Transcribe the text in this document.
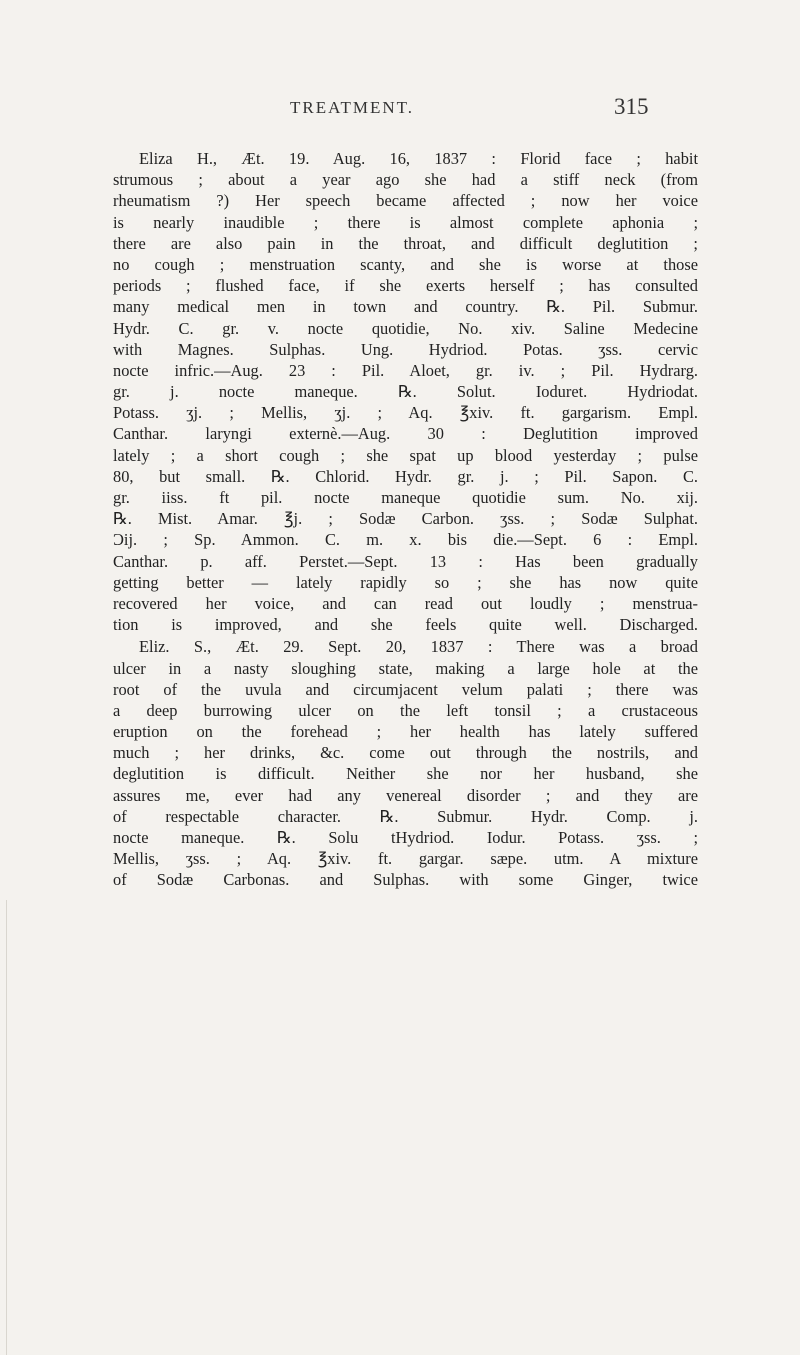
TREATMENT.	315

Eliza H., Æt. 19. Aug. 16, 1837 : Florid face ; habit
strumous ; about a year ago she had a stiff neck (from
rheumatism ?) Her speech became affected ; now her voice
is nearly inaudible ; there is almost complete aphonia ;
there are also pain in the throat, and difficult deglutition ;
no cough ; menstruation scanty, and she is worse at those
periods ; flushed face, if she exerts herself ; has consulted
many medical men in town and country. ℞. Pil. Submur.
Hydr. C. gr. v. nocte quotidie, No. xiv. Saline Medecine
with Magnes. Sulphas. Ung. Hydriod. Potas. ʒss. cervic
nocte infric.—Aug. 23 : Pil. Aloet, gr. iv. ; Pil. Hydrarg.
gr. j. nocte maneque. ℞. Solut. Ioduret. Hydriodat.
Potass. ʒj. ; Mellis, ʒj. ; Aq. ℥xiv. ft. gargarism. Empl.
Canthar. laryngi externè.—Aug. 30 : Deglutition improved
lately ; a short cough ; she spat up blood yesterday ; pulse
80, but small. ℞. Chlorid. Hydr. gr. j. ; Pil. Sapon. C.
gr. iiss. ft pil. nocte maneque quotidie sum. No. xij.
℞. Mist. Amar. ℥j. ; Sodæ Carbon. ʒss. ; Sodæ Sulphat.
Ɔij. ; Sp. Ammon. C. m. x. bis die.—Sept. 6 : Empl.
Canthar. p. aff. Perstet.—Sept. 13 : Has been gradually
getting better — lately rapidly so ; she has now quite
recovered her voice, and can read out loudly ; menstrua-
tion is improved, and she feels quite well. Discharged.

Eliz. S., Æt. 29. Sept. 20, 1837 : There was a broad
ulcer in a nasty sloughing state, making a large hole at the
root of the uvula and circumjacent velum palati ; there was
a deep burrowing ulcer on the left tonsil ; a crustaceous
eruption on the forehead ; her health has lately suffered
much ; her drinks, &c. come out through the nostrils, and
deglutition is difficult. Neither she nor her husband, she
assures me, ever had any venereal disorder ; and they are
of respectable character. ℞. Submur. Hydr. Comp. j.
nocte maneque. ℞. Solu tHydriod. Iodur. Potass. ʒss. ;
Mellis, ʒss. ; Aq. ℥xiv. ft. gargar. sæpe. utm. A mixture
of Sodæ Carbonas. and Sulphas. with some Ginger, twice
